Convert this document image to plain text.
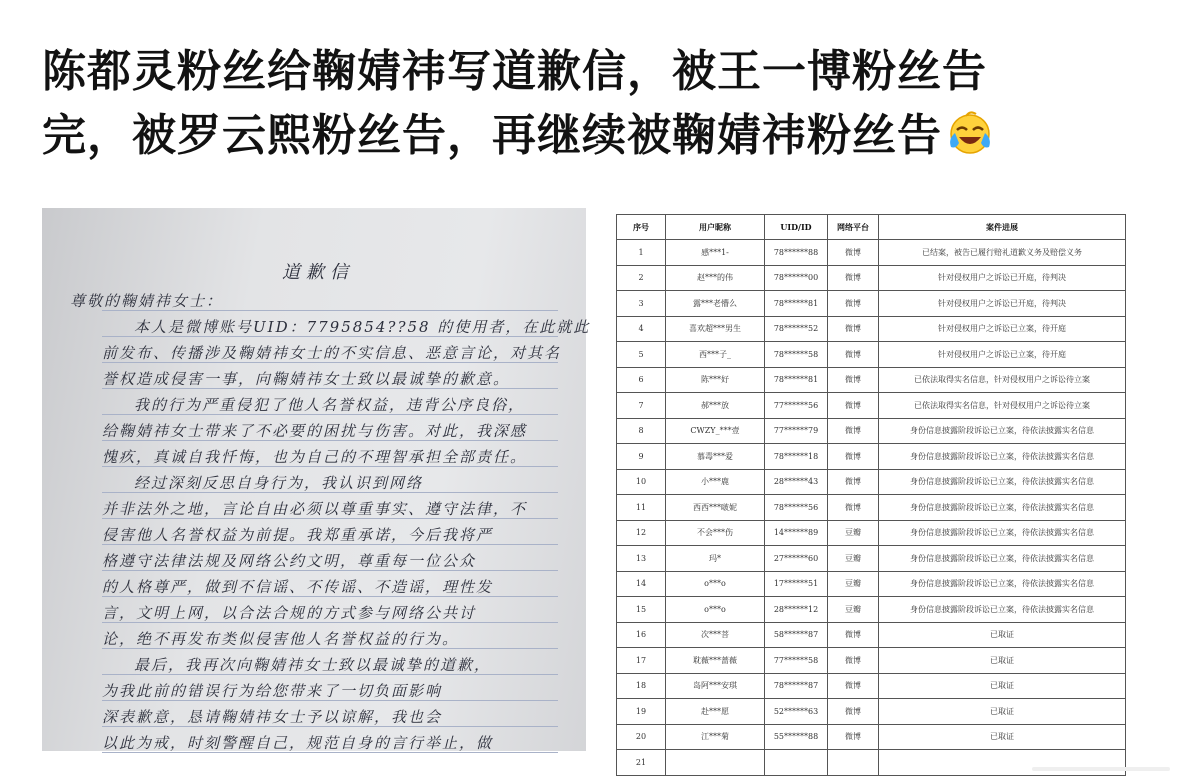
陈都灵粉丝给鞠婧祎写道歉信，被王一博粉丝告
完，被罗云熙粉丝告，再继续被鞠婧祎粉丝告
道歉信
尊敬的鞠婧祎女士：
本人是微博账号UID：7795854??58 的使用者，在此就此
前发布、传播涉及鞠婧祎女士的不实信息、恶意言论，对其名
誉权造成侵害一事，向鞠婧祎女士致以最诚挚的歉意。
我的行为严重侵犯了他人名誉权益，违背公序良俗，
给鞠婧祎女士带来了不必要的困扰与伤害。对此，我深感
愧疚，真诚自我忏悔，也为自己的不理智承担全部责任。
经过深刻反思自身行为，我认识到网络
并非法外之地，言论自由必须以尊重事实、遵守法律，不
侵害他人名誉权益为前提。我郑重承诺，今后我将严
格遵守法律法规及网络公约文明，尊重每一位公众
的人格尊严，做到不信谣、不传谣、不造谣，理性发
言，文明上网，以合法合规的方式参与网络公共讨
论，绝不再发布类似侵害他人名誉权益的行为。
最后，我再次向鞠婧祎女士致以最诚挚的道歉，
为我此前的错误行为给您带来了一切负面影响
深表歉意，恳请鞠婧祎女士予以谅解，我也会
以此为戒，时刻警醒自己，规范自身的言行举止，做
序号	用户昵称	UID/ID	网络平台	案件进展
1	感***1-	78******88	微博	已结案，被告已履行赔礼道歉义务及赔偿义务
2	赵***的伟	78******00	微博	针对侵权用户之诉讼已开庭，待判决
3	露***老懵么	78******81	微博	针对侵权用户之诉讼已开庭，待判决
4	喜欢超***男生	78******52	微博	针对侵权用户之诉讼已立案，待开庭
5	西***子_	78******58	微博	针对侵权用户之诉讼已立案，待开庭
6	陈***好	78******81	微博	已依法取得实名信息，针对侵权用户之诉讼待立案
7	郝***放	77******56	微博	已依法取得实名信息，针对侵权用户之诉讼待立案
8	CWZY_***壹	77******79	微博	身份信息披露阶段诉讼已立案，待依法披露实名信息
9	慕毒***爱	78******18	微博	身份信息披露阶段诉讼已立案，待依法披露实名信息
10	小***鹿	28******43	微博	身份信息披露阶段诉讼已立案，待依法披露实名信息
11	西西***啵妮	78******56	微博	身份信息披露阶段诉讼已立案，待依法披露实名信息
12	不会***伤	14******89	豆瓣	身份信息披露阶段诉讼已立案，待依法披露实名信息
13	玛*	27******60	豆瓣	身份信息披露阶段诉讼已立案，待依法披露实名信息
14	o***o	17******51	豆瓣	身份信息披露阶段诉讼已立案，待依法披露实名信息
15	o***o	28******12	豆瓣	身份信息披露阶段诉讼已立案，待依法披露实名信息
16	次***菩	58******87	微博	已取证
17	耽薇***蔷薇	77******58	微博	已取证
18	岛阿***安琪	78******87	微博	已取证
19	赴***愿	52******63	微博	已取证
20	江***菊	55******88	微博	已取证
21				
